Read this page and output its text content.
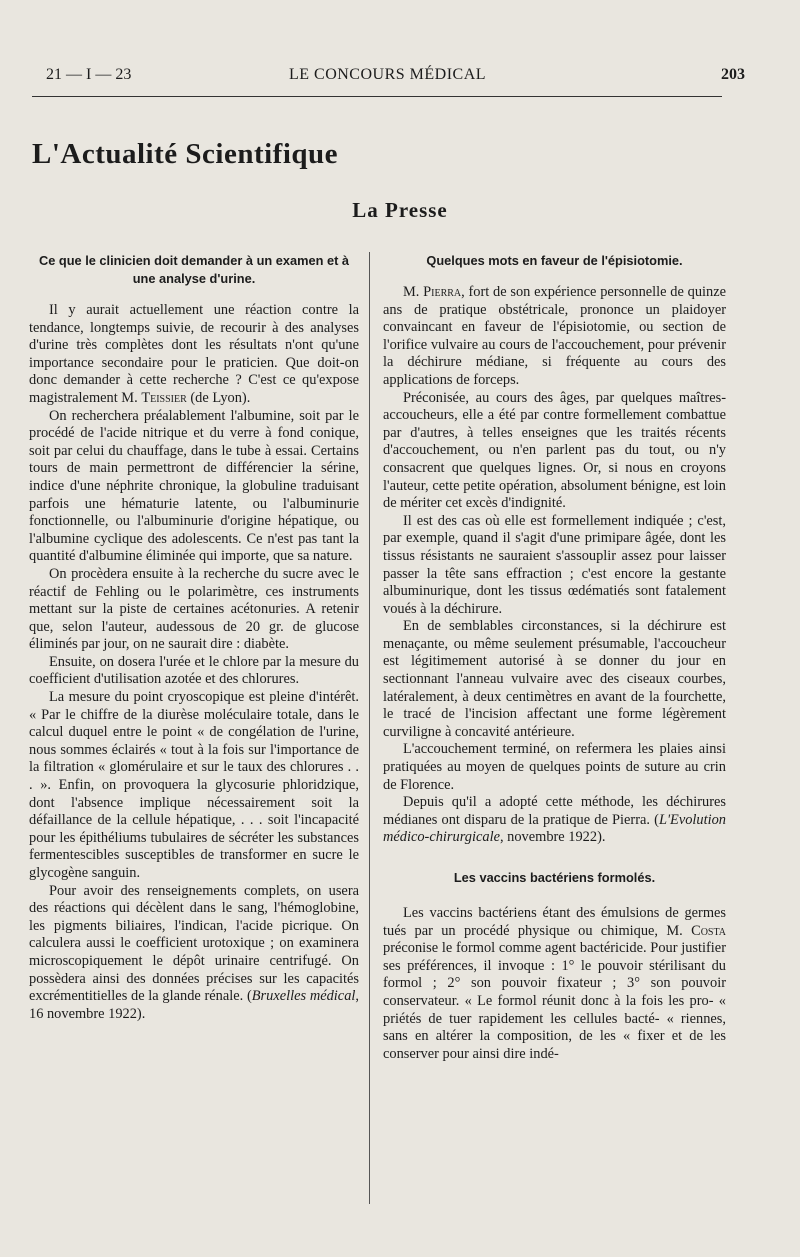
21 — I — 23	LE CONCOURS MÉDICAL	203
L'Actualité Scientifique
La Presse
Ce que le clinicien doit demander à un examen et à une analyse d'urine.

Il y aurait actuellement une réaction contre la tendance, longtemps suivie, de recourir à des analyses d'urine très complètes dont les résultats n'ont qu'une importance secondaire pour le praticien. Que doit-on donc demander à cette recherche ? C'est ce qu'expose magistralement M. Teissier (de Lyon).

On recherchera préalablement l'albumine, soit par le procédé de l'acide nitrique et du verre à fond conique, soit par celui du chauffage, dans le tube à essai. Certains tours de main permettront de différencier la sérine, indice d'une néphrite chronique, la globuline traduisant parfois une hématurie latente, ou l'albuminurie fonctionnelle, ou l'albuminurie d'origine hépatique, ou l'albumine cyclique des adolescents. Ce n'est pas tant la quantité d'albumine éliminée qui importe, que sa nature.

On procèdera ensuite à la recherche du sucre avec le réactif de Fehling ou le polarimètre, ces instruments mettant sur la piste de certaines acétonuries. A retenir que, selon l'auteur, audessous de 20 gr. de glucose éliminés par jour, on ne saurait dire : diabète.

Ensuite, on dosera l'urée et le chlore par la mesure du coefficient d'utilisation azotée et des chlorures.

La mesure du point cryoscopique est pleine d'intérêt. « Par le chiffre de la diurèse moléculaire totale, dans le calcul duquel entre le point « de congélation de l'urine, nous sommes éclairés « tout à la fois sur l'importance de la filtration « glomérulaire et sur le taux des chlorures . . . ». Enfin, on provoquera la glycosurie phloridzique, dont l'absence implique nécessairement soit la défaillance de la cellule hépatique, . . . soit l'incapacité pour les épithéliums tubulaires de sécréter les substances fermentescibles susceptibles de transformer en sucre le glycogène sanguin.

Pour avoir des renseignements complets, on usera des réactions qui décèlent dans le sang, l'hémoglobine, les pigments biliaires, l'indican, l'acide picrique. On calculera aussi le coefficient urotoxique ; on examinera microscopiquement le dépôt urinaire centrifugé. On possèdera ainsi des données précises sur les capacités excrémentitielles de la glande rénale. (Bruxelles médical, 16 novembre 1922).

Quelques mots en faveur de l'épisiotomie.

M. Pierra, fort de son expérience personnelle de quinze ans de pratique obstétricale, prononce un plaidoyer convaincant en faveur de l'épisiotomie, ou section de l'orifice vulvaire au cours de l'accouchement, pour prévenir la déchirure médiane, si fréquente au cours des applications de forceps.

Préconisée, au cours des âges, par quelques maîtres-accoucheurs, elle a été par contre formellement combattue par d'autres, à telles enseignes que les traités récents d'accouchement, ou n'en parlent pas du tout, ou n'y consacrent que quelques lignes. Or, si nous en croyons l'auteur, cette petite opération, absolument bénigne, est loin de mériter cet excès d'indignité.

Il est des cas où elle est formellement indiquée ; c'est, par exemple, quand il s'agit d'une primipare âgée, dont les tissus résistants ne sauraient s'assouplir assez pour laisser passer la tête sans effraction ; c'est encore la gestante albuminurique, dont les tissus œdématiés sont fatalement voués à la déchirure.

En de semblables circonstances, si la déchirure est menaçante, ou même seulement présumable, l'accoucheur est légitimement autorisé à se donner du jour en sectionnant l'anneau vulvaire avec des ciseaux courbes, latéralement, à deux centimètres en avant de la fourchette, le tracé de l'incision affectant une forme légèrement curviligne à concavité antérieure.

L'accouchement terminé, on refermera les plaies ainsi pratiquées au moyen de quelques points de suture au crin de Florence.

Depuis qu'il a adopté cette méthode, les déchirures médianes ont disparu de la pratique de Pierra. (L'Evolution médico-chirurgicale, novembre 1922).

Les vaccins bactériens formolés.

Les vaccins bactériens étant des émulsions de germes tués par un procédé physique ou chimique, M. Costa préconise le formol comme agent bactéricide. Pour justifier ses préférences, il invoque : 1° le pouvoir stérilisant du formol ; 2° son pouvoir fixateur ; 3° son pouvoir conservateur. « Le formol réunit donc à la fois les pro- « priétés de tuer rapidement les cellules bacté- « riennes, sans en altérer la composition, de les « fixer et de les conserver pour ainsi dire indé-
